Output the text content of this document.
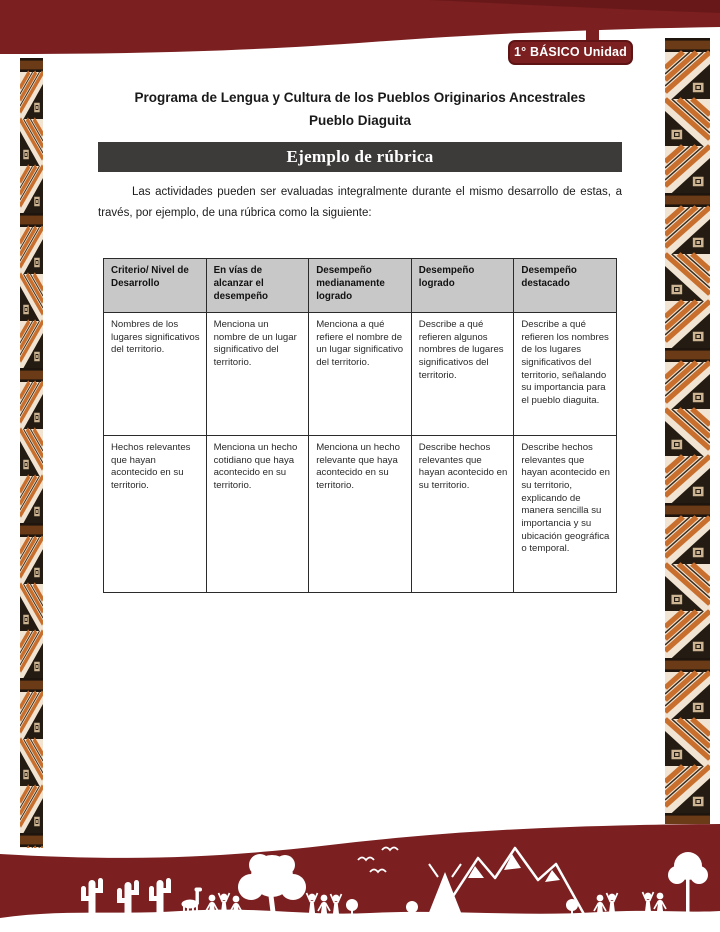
1° BÁSICO Unidad 3
Programa de Lengua y Cultura de los Pueblos Originarios Ancestrales
Pueblo Diaguita
Ejemplo de rúbrica

Las actividades pueden ser evaluadas integralmente durante el mismo desarrollo de estas, a través, por ejemplo, de una rúbrica como la siguiente:

Criterio/ Nivel de Desarrollo	En vías de alcanzar el desempeño	Desempeño medianamente logrado	Desempeño logrado	Desempeño destacado
Nombres de los lugares significativos del territorio.	Menciona un nombre de un lugar significativo del territorio.	Menciona a qué refiere el nombre de un lugar significativo del territorio.	Describe a qué refieren algunos nombres de lugares significativos del territorio.	Describe a qué refieren los nombres de los lugares significativos del territorio, señalando su importancia para el pueblo diaguita.
Hechos relevantes que hayan acontecido en su territorio.	Menciona un hecho cotidiano que haya acontecido en su territorio.	Menciona un hecho relevante que haya acontecido en su territorio.	Describe hechos relevantes que hayan acontecido en su territorio.	Describe hechos relevantes que hayan acontecido en su territorio, explicando de manera sencilla su importancia y su ubicación geográfica o temporal.
